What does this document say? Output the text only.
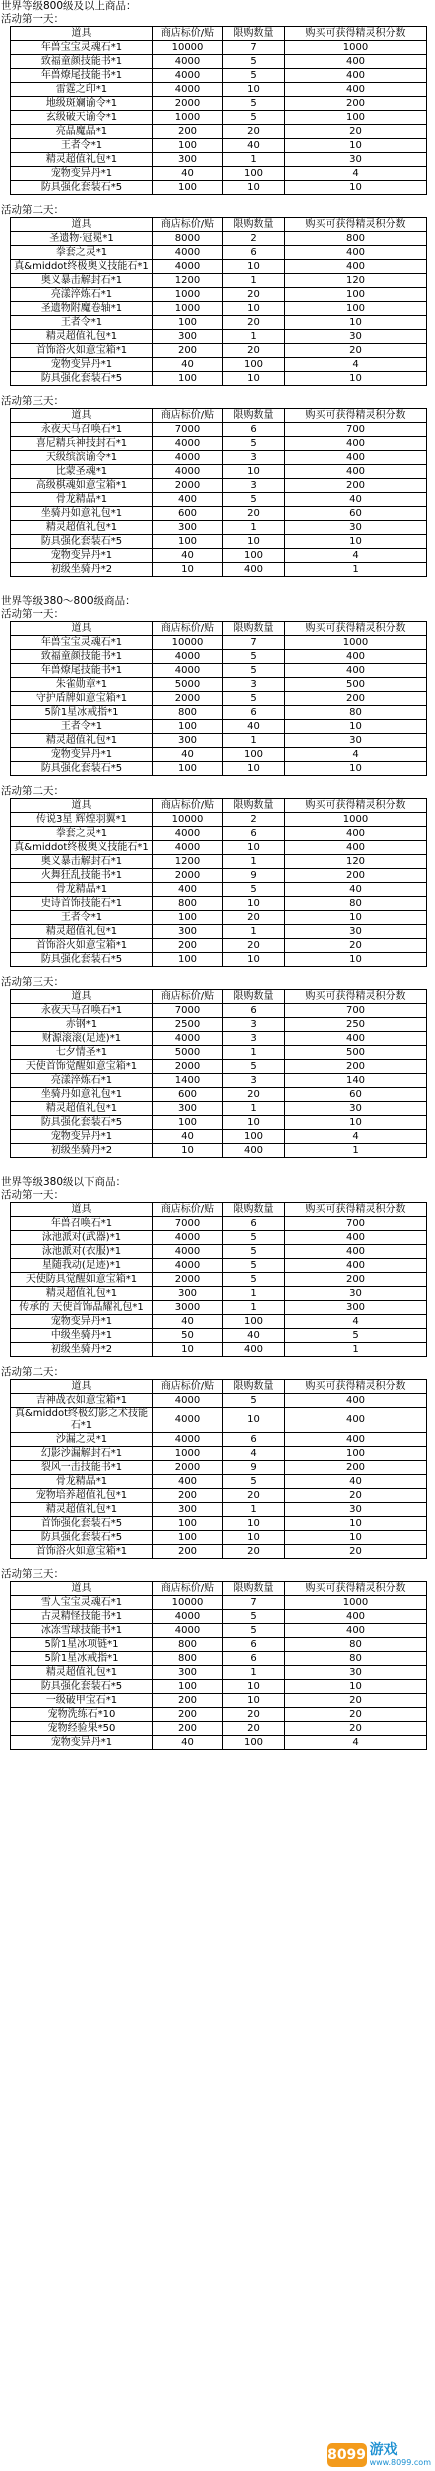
世界等级800级及以上商品：
活动第一天：
道具	商店标价/贴	限购数量	购买可获得精灵积分数
年兽宝宝灵魂石*1	10000	7	1000
致福童颜技能书*1	4000	5	400
年兽燎尾技能书*1	4000	5	400
雷霆之印*1	4000	10	400
地级斑斓谕令*1	2000	5	200
玄级破天谕令*1	1000	5	100
亮晶魔晶*1	200	20	20
王者令*1	100	40	10
精灵超值礼包*1	300	1	30
宠物变异丹*1	40	100	4
防具强化套装石*5	100	10	10
活动第二天：
道具	商店标价/贴	限购数量	购买可获得精灵积分数
圣遗物·冠冕*1	8000	2	800
拳套之灵*1	4000	6	400
真&middot终极奥义技能石*1	4000	10	400
奥义暴击解封石*1	1200	1	120
亮漾淬炼石*1	1000	20	100
圣遗物附魔卷轴*1	1000	10	100
王者令*1	100	20	10
精灵超值礼包*1	300	1	30
首饰浴火如意宝箱*1	200	20	20
宠物变异丹*1	40	100	4
防具强化套装石*5	100	10	10
活动第三天：
道具	商店标价/贴	限购数量	购买可获得精灵积分数
永夜天马召唤石*1	7000	6	700
喜尼精兵神技封石*1	4000	5	400
天级缤滨谕令*1	4000	3	400
比蒙圣魂*1	4000	10	400
高级棋魂如意宝箱*1	2000	3	200
骨龙精晶*1	400	5	40
坐骑丹如意礼包*1	600	20	60
精灵超值礼包*1	300	1	30
防具强化套装石*5	100	10	10
宠物变异丹*1	40	100	4
初级坐骑丹*2	10	400	1
世界等级380～800级商品：
活动第一天：
道具	商店标价/贴	限购数量	购买可获得精灵积分数
年兽宝宝灵魂石*1	10000	7	1000
致福童颜技能书*1	4000	5	400
年兽燎尾技能书*1	4000	5	400
朱雀勋章*1	5000	3	500
守护盾牌如意宝箱*1	2000	5	200
5阶1星冰戒指*1	800	6	80
王者令*1	100	40	10
精灵超值礼包*1	300	1	30
宠物变异丹*1	40	100	4
防具强化套装石*5	100	10	10
活动第二天：
道具	商店标价/贴	限购数量	购买可获得精灵积分数
传说3星 辉煌羽翼*1	10000	2	1000
拳套之灵*1	4000	6	400
真&middot终极奥义技能石*1	4000	10	400
奥义暴击解封石*1	1200	1	120
火舞狂乱技能书*1	2000	9	200
骨龙精晶*1	400	5	40
史诗首饰技能石*1	800	10	80
王者令*1	100	20	10
精灵超值礼包*1	300	1	30
首饰浴火如意宝箱*1	200	20	20
防具强化套装石*5	100	10	10
活动第三天：
道具	商店标价/贴	限购数量	购买可获得精灵积分数
永夜天马召唤石*1	7000	6	700
赤钢*1	2500	3	250
财源滚滚(足迹)*1	4000	3	400
七夕情圣*1	5000	1	500
天使首饰觉醒如意宝箱*1	2000	5	200
亮漾淬炼石*1	1400	3	140
坐骑丹如意礼包*1	600	20	60
精灵超值礼包*1	300	1	30
防具强化套装石*5	100	10	10
宠物变异丹*1	40	100	4
初级坐骑丹*2	10	400	1
世界等级380级以下商品：
活动第一天：
道具	商店标价/贴	限购数量	购买可获得精灵积分数
年兽召唤石*1	7000	6	700
泳池派对(武器)*1	4000	5	400
泳池派对(衣服)*1	4000	5	400
星随我动(足迹)*1	4000	5	400
天使防具觉醒如意宝箱*1	2000	5	200
精灵超值礼包*1	300	1	30
传承的 天使首饰晶耀礼包*1	3000	1	300
宠物变异丹*1	40	100	4
中级坐骑丹*1	50	40	5
初级坐骑丹*2	10	400	1
活动第二天：
道具	商店标价/贴	限购数量	购买可获得精灵积分数
吉神战衣如意宝箱*1	4000	5	400
真&middot终极幻影之术技能石*1	4000	10	400
沙漏之灵*1	4000	6	400
幻影沙漏解封石*1	1000	4	100
裂风一击技能书*1	2000	9	200
骨龙精晶*1	400	5	40
宠物培养超值礼包*1	200	20	20
精灵超值礼包*1	300	1	30
首饰强化套装石*5	100	10	10
防具强化套装石*5	100	10	10
首饰浴火如意宝箱*1	200	20	20
活动第三天：
道具	商店标价/贴	限购数量	购买可获得精灵积分数
雪人宝宝灵魂石*1	10000	7	1000
古灵精怪技能书*1	4000	5	400
冰冻雪球技能书*1	4000	5	400
5阶1星冰项链*1	800	6	80
5阶1星冰戒指*1	800	6	80
精灵超值礼包*1	300	1	30
防具强化套装石*5	100	10	10
一级破甲宝石*1	200	10	20
宠物洗练石*10	200	20	20
宠物经验果*50	200	20	20
宠物变异丹*1	40	100	4
8099 游戏
www.8099.com
